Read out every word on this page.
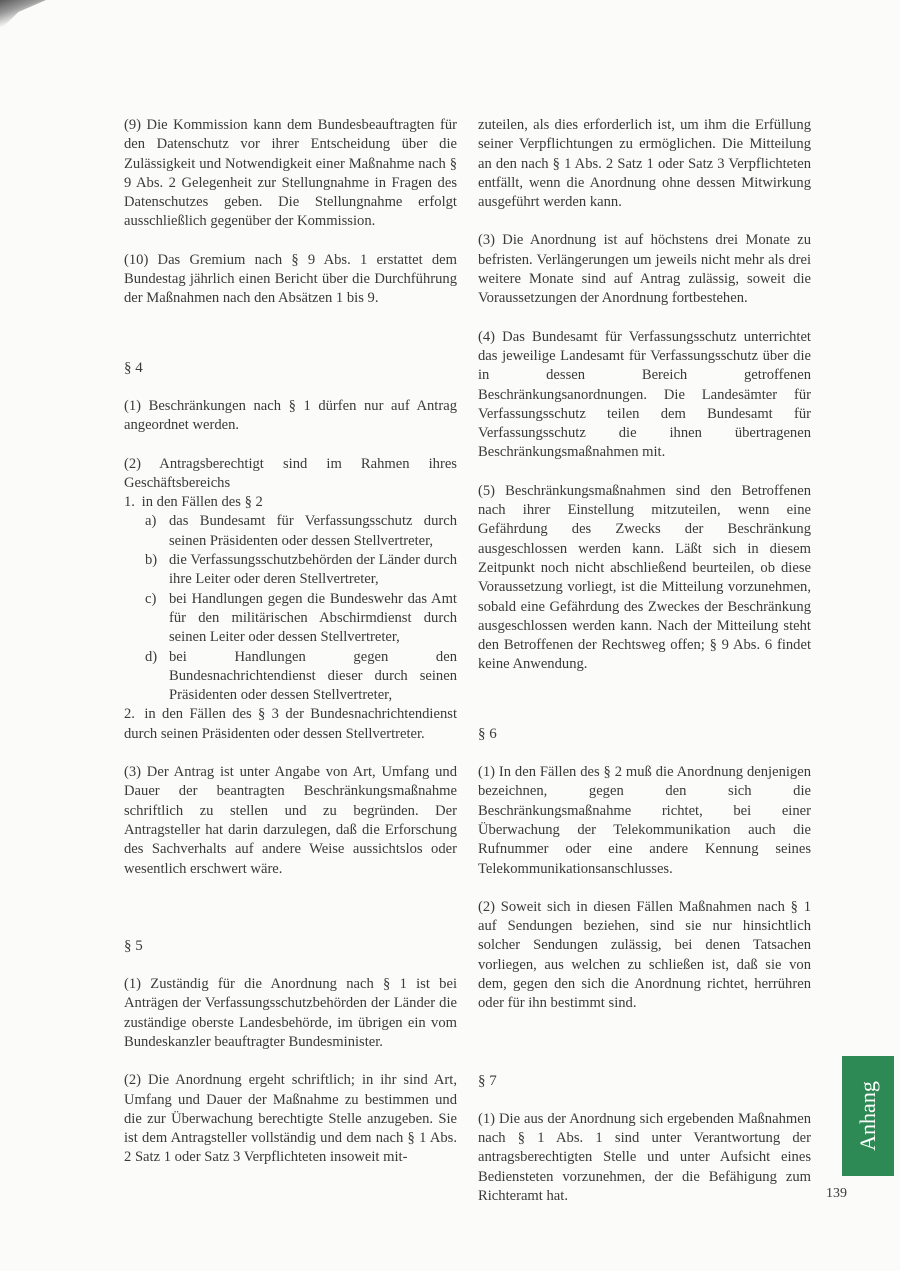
(9) Die Kommission kann dem Bundesbeauftragten für den Datenschutz vor ihrer Entscheidung über die Zulässigkeit und Notwendigkeit einer Maßnahme nach § 9 Abs. 2 Gelegenheit zur Stellungnahme in Fragen des Datenschutzes geben. Die Stellungnahme erfolgt ausschließlich gegenüber der Kommission.

(10) Das Gremium nach § 9 Abs. 1 erstattet dem Bundestag jährlich einen Bericht über die Durchführung der Maßnahmen nach den Absätzen 1 bis 9.

§ 4

(1) Beschränkungen nach § 1 dürfen nur auf Antrag angeordnet werden.

(2) Antragsberechtigt sind im Rahmen ihres Geschäftsbereichs

1. in den Fällen des § 2
a) das Bundesamt für Verfassungsschutz durch seinen Präsidenten oder dessen Stellvertreter,
b) die Verfassungsschutzbehörden der Länder durch ihre Leiter oder deren Stellvertreter,
c) bei Handlungen gegen die Bundeswehr das Amt für den militärischen Abschirmdienst durch seinen Leiter oder dessen Stellvertreter,
d) bei Handlungen gegen den Bundesnachrichtendienst dieser durch seinen Präsidenten oder dessen Stellvertreter,
2. in den Fällen des § 3 der Bundesnachrichtendienst durch seinen Präsidenten oder dessen Stellvertreter.

(3) Der Antrag ist unter Angabe von Art, Umfang und Dauer der beantragten Beschränkungsmaßnahme schriftlich zu stellen und zu begründen. Der Antragsteller hat darin darzulegen, daß die Erforschung des Sachverhalts auf andere Weise aussichtslos oder wesentlich erschwert wäre.

§ 5

(1) Zuständig für die Anordnung nach § 1 ist bei Anträgen der Verfassungsschutzbehörden der Länder die zuständige oberste Landesbehörde, im übrigen ein vom Bundeskanzler beauftragter Bundesminister.

(2) Die Anordnung ergeht schriftlich; in ihr sind Art, Umfang und Dauer der Maßnahme zu bestimmen und die zur Überwachung berechtigte Stelle anzugeben. Sie ist dem Antragsteller vollständig und dem nach § 1 Abs. 2 Satz 1 oder Satz 3 Verpflichteten insoweit mit-

zuteilen, als dies erforderlich ist, um ihm die Erfüllung seiner Verpflichtungen zu ermöglichen. Die Mitteilung an den nach § 1 Abs. 2 Satz 1 oder Satz 3 Verpflichteten entfällt, wenn die Anordnung ohne dessen Mitwirkung ausgeführt werden kann.

(3) Die Anordnung ist auf höchstens drei Monate zu befristen. Verlängerungen um jeweils nicht mehr als drei weitere Monate sind auf Antrag zulässig, soweit die Voraussetzungen der Anordnung fortbestehen.

(4) Das Bundesamt für Verfassungsschutz unterrichtet das jeweilige Landesamt für Verfassungsschutz über die in dessen Bereich getroffenen Beschränkungsanordnungen. Die Landesämter für Verfassungsschutz teilen dem Bundesamt für Verfassungsschutz die ihnen übertragenen Beschränkungsmaßnahmen mit.

(5) Beschränkungsmaßnahmen sind den Betroffenen nach ihrer Einstellung mitzuteilen, wenn eine Gefährdung des Zwecks der Beschränkung ausgeschlossen werden kann. Läßt sich in diesem Zeitpunkt noch nicht abschließend beurteilen, ob diese Voraussetzung vorliegt, ist die Mitteilung vorzunehmen, sobald eine Gefährdung des Zweckes der Beschränkung ausgeschlossen werden kann. Nach der Mitteilung steht den Betroffenen der Rechtsweg offen; § 9 Abs. 6 findet keine Anwendung.

§ 6

(1) In den Fällen des § 2 muß die Anordnung denjenigen bezeichnen, gegen den sich die Beschränkungsmaßnahme richtet, bei einer Überwachung der Telekommunikation auch die Rufnummer oder eine andere Kennung seines Telekommunikationsanschlusses.

(2) Soweit sich in diesen Fällen Maßnahmen nach § 1 auf Sendungen beziehen, sind sie nur hinsichtlich solcher Sendungen zulässig, bei denen Tatsachen vorliegen, aus welchen zu schließen ist, daß sie von dem, gegen den sich die Anordnung richtet, herrühren oder für ihn bestimmt sind.

§ 7

(1) Die aus der Anordnung sich ergebenden Maßnahmen nach § 1 Abs. 1 sind unter Verantwortung der antragsberechtigten Stelle und unter Aufsicht eines Bediensteten vorzunehmen, der die Befähigung zum Richteramt hat.

Anhang
139
